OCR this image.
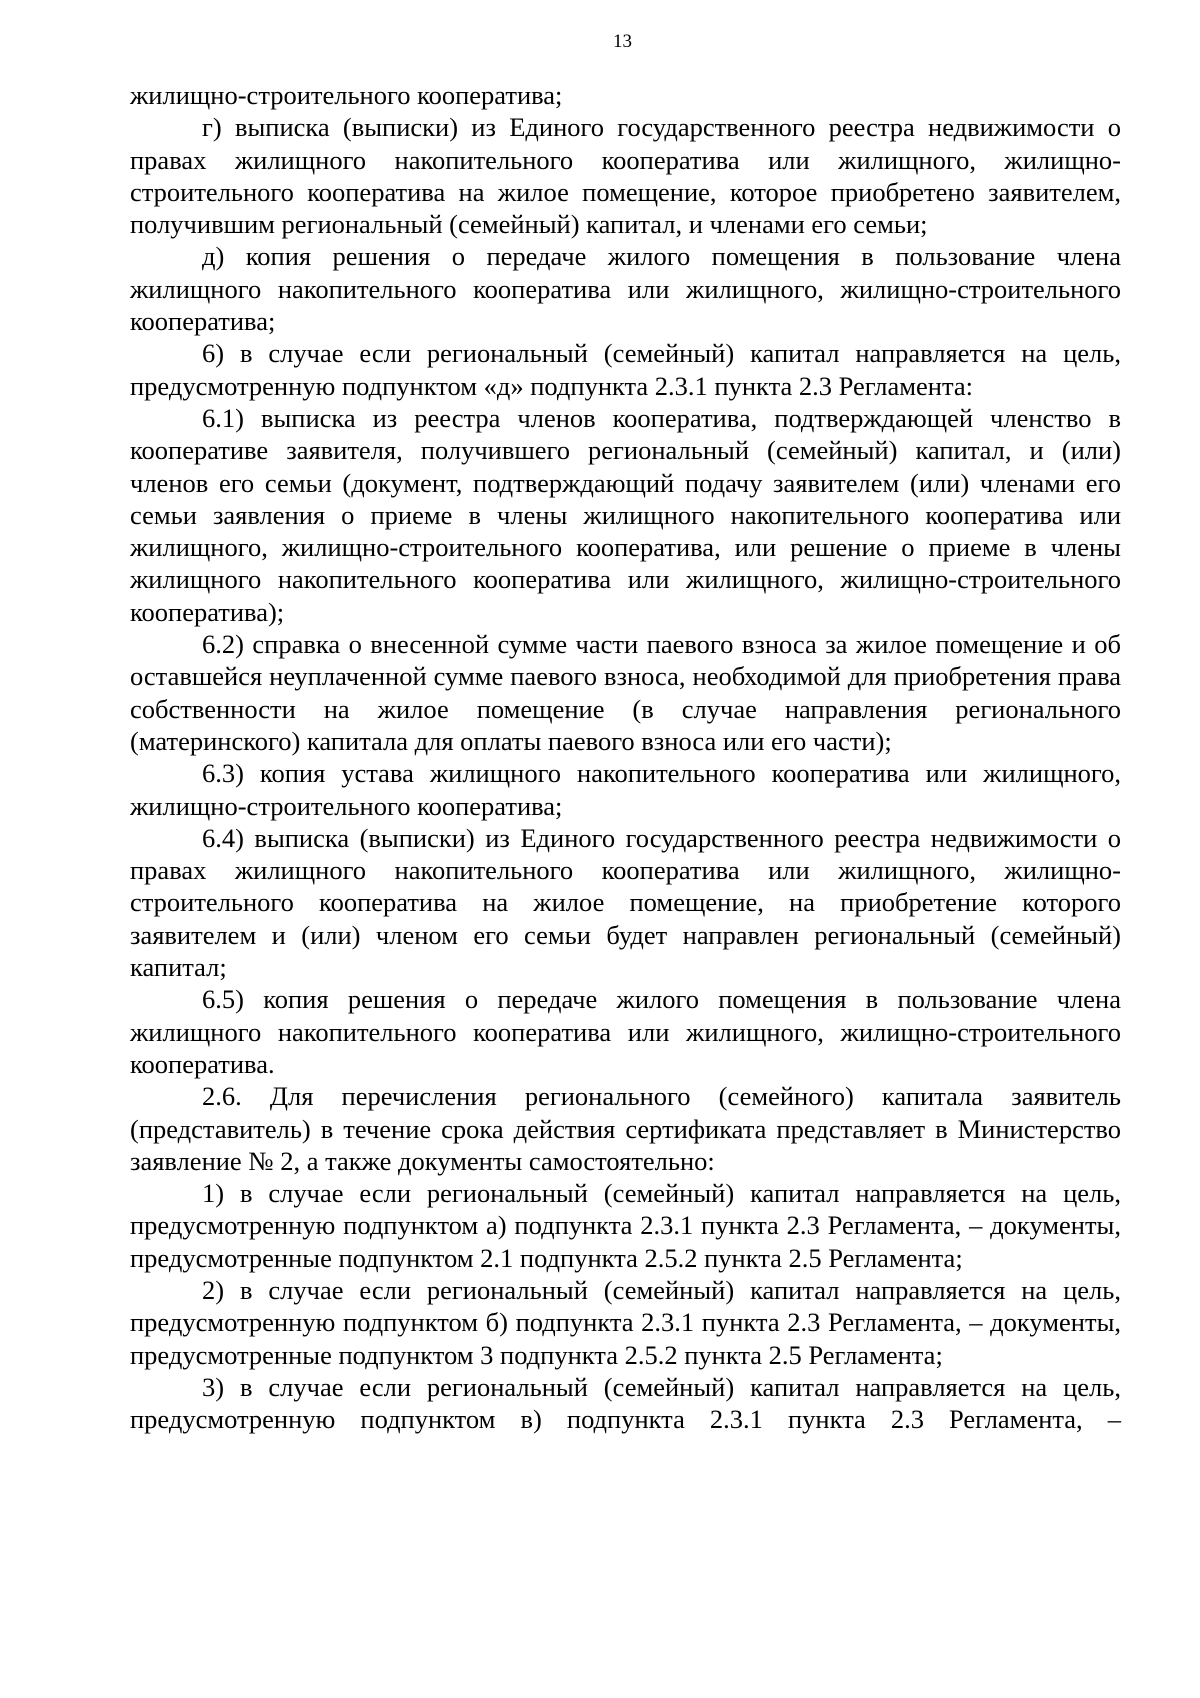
13

жилищно-строительного кооператива;

г) выписка (выписки) из Единого государственного реестра недвижимости о правах жилищного накопительного кооператива или жилищного, жилищно-строительного кооператива на жилое помещение, которое приобретено заявителем, получившим региональный (семейный) капитал, и членами его семьи;

д) копия решения о передаче жилого помещения в пользование члена жилищного накопительного кооператива или жилищного, жилищно-строительного кооператива;

6) в случае если региональный (семейный) капитал направляется на цель, предусмотренную подпунктом «д» подпункта 2.3.1 пункта 2.3 Регламента:

6.1) выписка из реестра членов кооператива, подтверждающей членство в кооперативе заявителя, получившего региональный (семейный) капитал, и (или) членов его семьи (документ, подтверждающий подачу заявителем (или) членами его семьи заявления о приеме в члены жилищного накопительного кооператива или жилищного, жилищно-строительного кооператива, или решение о приеме в члены жилищного накопительного кооператива или жилищного, жилищно-строительного кооператива);

6.2) справка о внесенной сумме части паевого взноса за жилое помещение и об оставшейся неуплаченной сумме паевого взноса, необходимой для приобретения права собственности на жилое помещение (в случае направления регионального (материнского) капитала для оплаты паевого взноса или его части);

6.3) копия устава жилищного накопительного кооператива или жилищного, жилищно-строительного кооператива;

6.4) выписка (выписки) из Единого государственного реестра недвижимости о правах жилищного накопительного кооператива или жилищного, жилищно-строительного кооператива на жилое помещение, на приобретение которого заявителем и (или) членом его семьи будет направлен региональный (семейный) капитал;

6.5) копия решения о передаче жилого помещения в пользование члена жилищного накопительного кооператива или жилищного, жилищно-строительного кооператива.

2.6. Для перечисления регионального (семейного) капитала заявитель (представитель) в течение срока действия сертификата представляет в Министерство заявление № 2, а также документы самостоятельно:

1) в случае если региональный (семейный) капитал направляется на цель, предусмотренную подпунктом а) подпункта 2.3.1 пункта 2.3 Регламента, – документы, предусмотренные подпунктом 2.1 подпункта 2.5.2 пункта 2.5 Регламента;

2) в случае если региональный (семейный) капитал направляется на цель, предусмотренную подпунктом б) подпункта 2.3.1 пункта 2.3 Регламента, – документы, предусмотренные подпунктом 3 подпункта 2.5.2 пункта 2.5 Регламента;

3) в случае если региональный (семейный) капитал направляется на цель, предусмотренную подпунктом в) подпункта 2.3.1 пункта 2.3 Регламента, –
